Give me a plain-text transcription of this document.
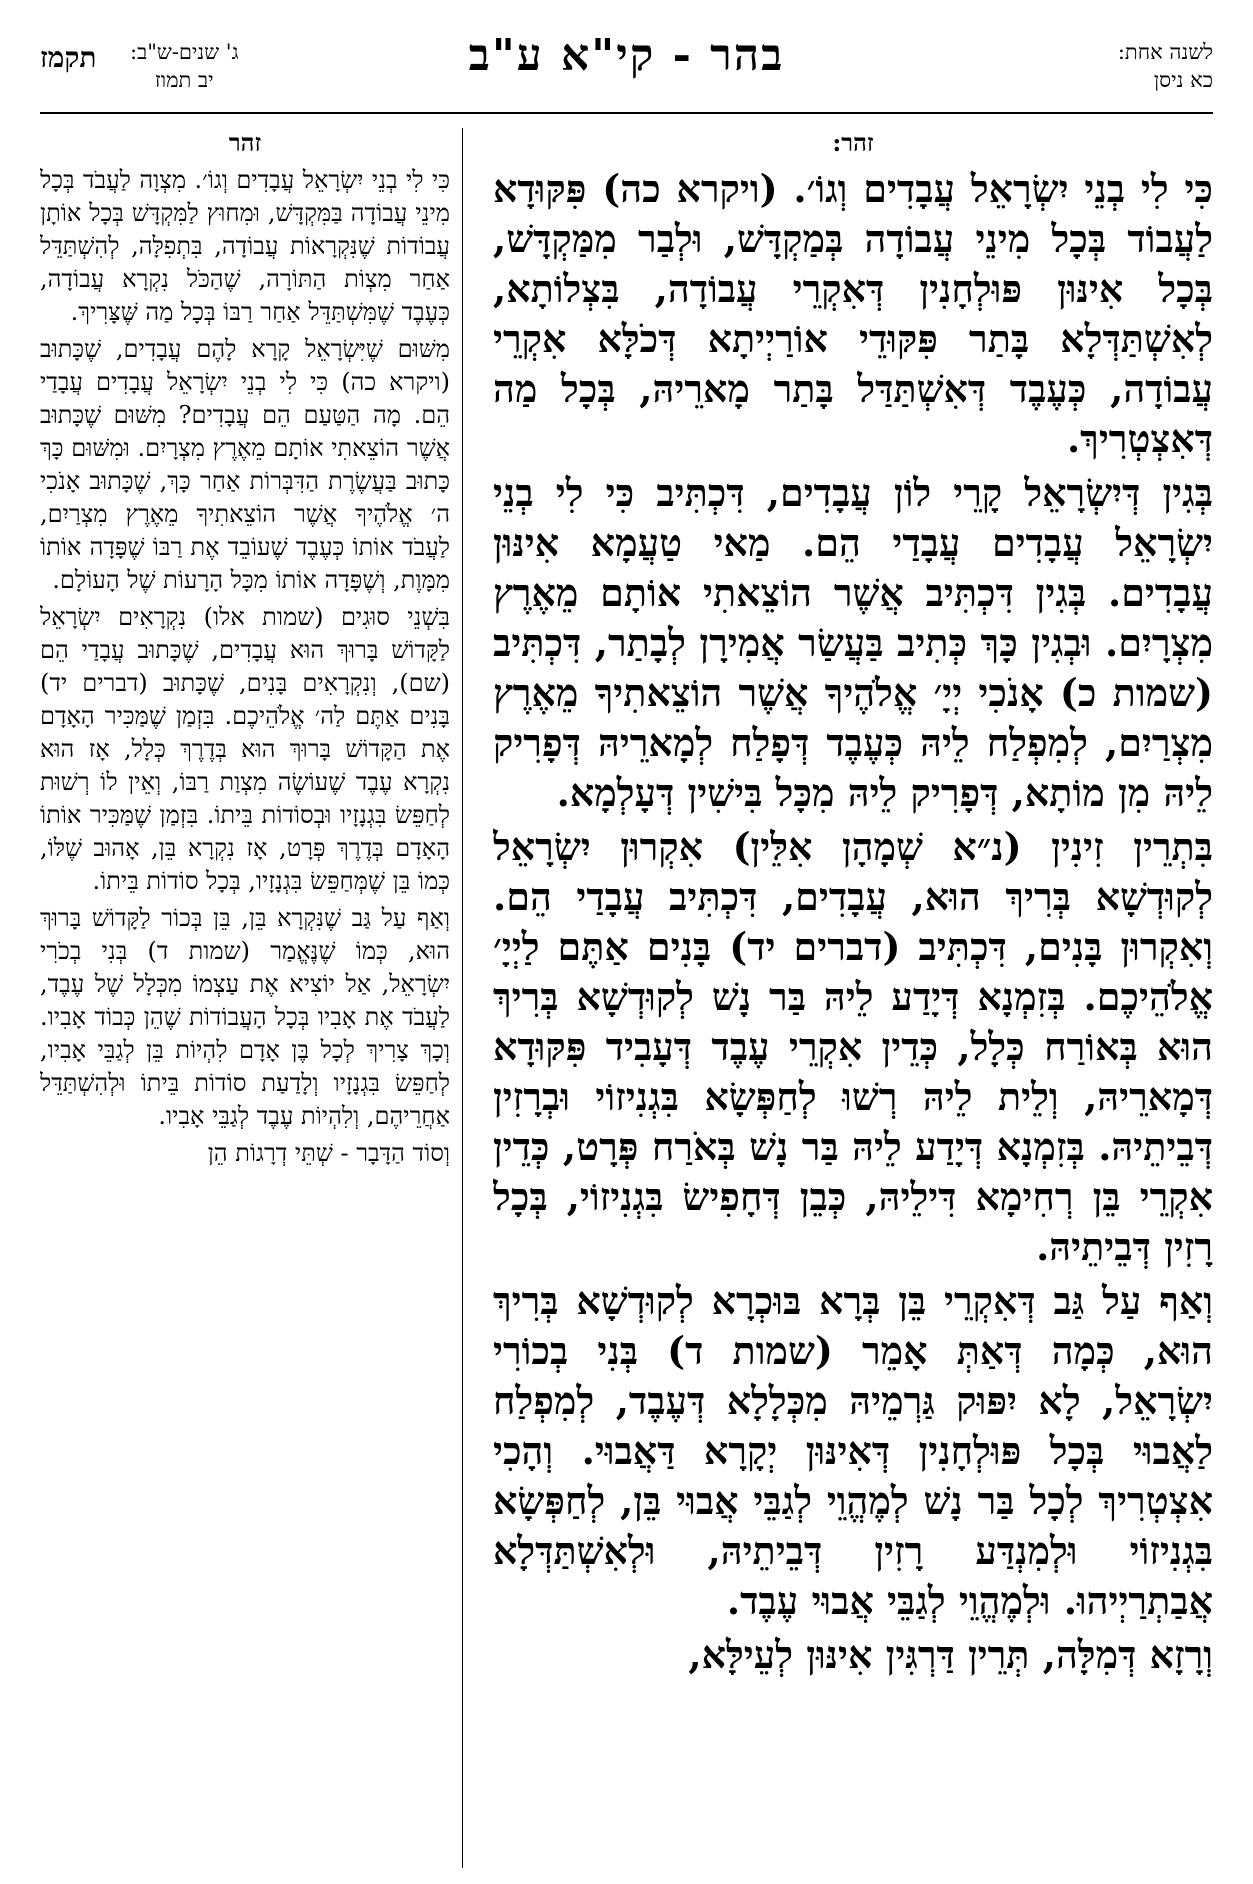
לשנה אחת:
כא ניסן
בהר - קי"א ע"ב
תקמז ג' שנים-ש"ב:
יב תמוז
זהר:

כִּי לִי בְנֵי יִשְׂרָאֵל עֲבָדִים וְגוֹ׳. (ויקרא כה) פִּקּוּדָא לַעֲבוֹד בְּכָל מִינֵי עֲבוֹדָה בְּמַקְדָּשׁ, וּלְבַר מִמַּקְדָּשׁ, בְּכָל אִינּוּן פּוּלְחָנִין דְּאִקְרֵי עֲבוֹדָה, בִּצְלוֹתָא, לְאִשְׁתַּדְּלָא בָּתַר פִּקּוּדֵי אוֹרַיְיתָא דְּכֹלָּא אִקְרֵי עֲבוֹדָה, כְּעֶבֶד דְּאִשְׁתַּדַּל בָּתַר מָארֵיהּ, בְּכָל מַה דְּאִצְטְרִיךְ.

בְּגִין דְּיִשְׂרָאֵל קָרֵי לוֹן עֲבָדִים, דִּכְתִּיב כִּי לִי בְנֵי יִשְׂרָאֵל עֲבָדִים עֲבָדַי הֵם. מַאי טַעֲמָא אִינּוּן עֲבָדִים. בְּגִין דִּכְתִּיב אֲשֶׁר הוֹצֵאתִי אוֹתָם מֵאֶרֶץ מִצְרָיִם. וּבְגִין כָּךְ כְּתִיב בַּעֲשַׂר אֲמִירָן לְבָתַר, דִּכְתִּיב (שמות כ) אָנֹכִי יְיָ׳ אֱלֹהֶיךָ אֲשֶׁר הוֹצֵאתִיךָ מֵאֶרֶץ מִצְרַיִם, לְמִפְלַח לֵיהּ כְּעֶבֶד דְּפָלַח לְמָארֵיהּ דְּפָרִיק לֵיהּ מִן מוֹתָא, דְּפָרִיק לֵיהּ מִכָּל בִּישִׁין דְּעָלְמָא.

בִּתְרֵין זִינִין (נ״א שְׁמָהָן אִלֵּין) אִקְרוּן יִשְׂרָאֵל לְקוּדְשָׁא בְּרִיךְ הוּא, עֲבָדִים, דִּכְתִּיב עֲבָדַי הֵם. וְאִקְרוּן בָּנִים, דִּכְתִּיב (דברים יד) בָּנִים אַתֶּם לַיְיָ׳ אֱלֹהֵיכֶם. בְּזִמְנָא דְּיָדַע לֵיהּ בַּר נָשׁ לְקוּדְשָׁא בְּרִיךְ הוּא בְּאוֹרַח כְּלָל, כְּדֵין אִקְרֵי עֶבֶד דְּעָבִיד פִּקּוּדָא דְּמָארֵיהּ, וְלֵית לֵיהּ רְשׁוּ לְחַפְּשָׂא בִּגְנִיזוֹי וּבְרָזִין דְּבֵיתֵיהּ. בְּזִמְנָא דְּיָדַע לֵיהּ בַּר נָשׁ בְּאֹרַח פְּרָט, כְּדֵין אִקְרֵי בֵּן רְחִימָא דִּילֵיהּ, כְּבֵן דְּחָפִישׂ בִּגְנִיזוֹי, בְּכָל רָזִין דְּבֵיתֵיהּ.

וְאַף עַל גַּב דְּאִקְרֵי בֵּן בְּרָא בּוּכְרָא לְקוּדְשָׁא בְּרִיךְ הוּא, כְּמָה דְּאַתְּ אָמֵר (שמות ד) בְּנִי בְכוֹרִי יִשְׂרָאֵל, לָא יִפּוּק גַּרְמֵיהּ מִכְּלָלָא דְּעֶבֶד, לְמִפְלַח לַאֲבוּי בְּכָל פּוּלְחָנִין דְּאִינּוּן יְקָרָא דַּאֲבוּי. וְהָכִי אִצְטְרִיךְ לְכָל בַּר נָשׁ לְמֶהֱוֵי לְגַבֵּי אֲבוּי בֵּן, לְחַפְּשָׂא בִּגְנִיזוֹי וּלְמִנְדַּע רָזִין דְּבֵיתֵיהּ, וּלְאִשְׁתַּדְּלָא אֲבַתְרַיְיהוּ. וּלְמֶהֱוֵי לְגַבֵּי אֲבוּי עֶבֶד.

וְרָזָא דְּמִלָּה, תְּרֵין דַּרְגִּין אִינּוּן לְעֵילָּא,

זהר

כִּי לִי בְנֵי יִשְׂרָאֵל עֲבָדִים וְגוֹ׳. מִצְוָה לַעֲבֹד בְּכָל מִינֵי עֲבוֹדָה בַּמִּקְדָּשׁ, וּמִחוּץ לַמִּקְדָּשׁ בְּכָל אוֹתָן עֲבוֹדוֹת שֶׁנִּקְרָאוֹת עֲבוֹדָה, בִּתְפִלָּה, לְהִשְׁתַּדֵּל אַחַר מִצְוֹת הַתּוֹרָה, שֶׁהַכֹּל נִקְרָא עֲבוֹדָה, כְּעֶבֶד שֶׁמִּשְׁתַּדֵּל אַחַר רַבּוֹ בְּכָל מַה שֶּׁצָּרִיךְ.

מִשּׁוּם שֶׁיִּשְׂרָאֵל קָרָא לָהֶם עֲבָדִים, שֶׁכָּתוּב (ויקרא כה) כִּי לִי בְנֵי יִשְׂרָאֵל עֲבָדִים עֲבָדַי הֵם. מָה הַטַּעַם הֵם עֲבָדִים? מִשּׁוּם שֶׁכָּתוּב אֲשֶׁר הוֹצֵאתִי אוֹתָם מֵאֶרֶץ מִצְרָיִם. וּמִשּׁוּם כָּךְ כָּתוּב בַּעֲשֶׂרֶת הַדִּבְּרוֹת אַחַר כָּךְ, שֶׁכָּתוּב אָנֹכִי ה׳ אֱלֹהֶיךָ אֲשֶׁר הוֹצֵאתִיךָ מֵאֶרֶץ מִצְרַיִם, לַעֲבֹד אוֹתוֹ כְּעֶבֶד שֶׁעוֹבֵד אֶת רַבּוֹ שֶׁפָּדָה אוֹתוֹ מִמָּוֶת, וְשֶׁפָּדָה אוֹתוֹ מִכָּל הָרָעוֹת שֶׁל הָעוֹלָם.

בִּשְׁנֵי סוּגִים (שמות אלו) נִקְרָאִים יִשְׂרָאֵל לַקָּדוֹשׁ בָּרוּךְ הוּא עֲבָדִים, שֶׁכָּתוּב עֲבָדַי הֵם (שם), וְנִקְרָאִים בָּנִים, שֶׁכָּתוּב (דברים יד) בָּנִים אַתֶּם לַה׳ אֱלֹהֵיכֶם. בִּזְמַן שֶׁמַּכִּיר הָאָדָם אֶת הַקָּדוֹשׁ בָּרוּךְ הוּא בְּדֶרֶךְ כְּלָל, אָז הוּא נִקְרָא עֶבֶד שֶׁעוֹשֶׂה מִצְוַת רַבּוֹ, וְאֵין לוֹ רְשׁוּת לְחַפֵּשׂ בִּגְנָזָיו וּבְסוֹדוֹת בֵּיתוֹ. בִּזְמַן שֶׁמַּכִּיר אוֹתוֹ הָאָדָם בְּדֶרֶךְ פְּרָט, אָז נִקְרָא בֵּן, אָהוּב שֶׁלּוֹ, כְּמוֹ בֵּן שֶׁמְּחַפֵּשׂ בִּגְנָזָיו, בְּכָל סוֹדוֹת בֵּיתוֹ.

וְאַף עַל גַּב שֶׁנִּקְרָא בֵּן, בֵּן בְּכוֹר לַקָּדוֹשׁ בָּרוּךְ הוּא, כְּמוֹ שֶׁנֶּאֱמַר (שמות ד) בְּנִי בְכֹרִי יִשְׂרָאֵל, אַל יוֹצִיא אֶת עַצְמוֹ מִכְּלָל שֶׁל עֶבֶד, לַעֲבֹד אֶת אָבִיו בְּכָל הָעֲבוֹדוֹת שֶׁהֵן כְּבוֹד אָבִיו. וְכָךְ צָרִיךְ לְכָל בֶּן אָדָם לִהְיוֹת בֵּן לְגַבֵּי אָבִיו, לְחַפֵּשׂ בִּגְנָזָיו וְלָדַעַת סוֹדוֹת בֵּיתוֹ וּלְהִשְׁתַּדֵּל אַחֲרֵיהֶם, וְלִהְיוֹת עֶבֶד לְגַבֵּי אָבִיו.

וְסוֹד הַדָּבָר - שְׁתֵּי דְרָגוֹת הֵן
